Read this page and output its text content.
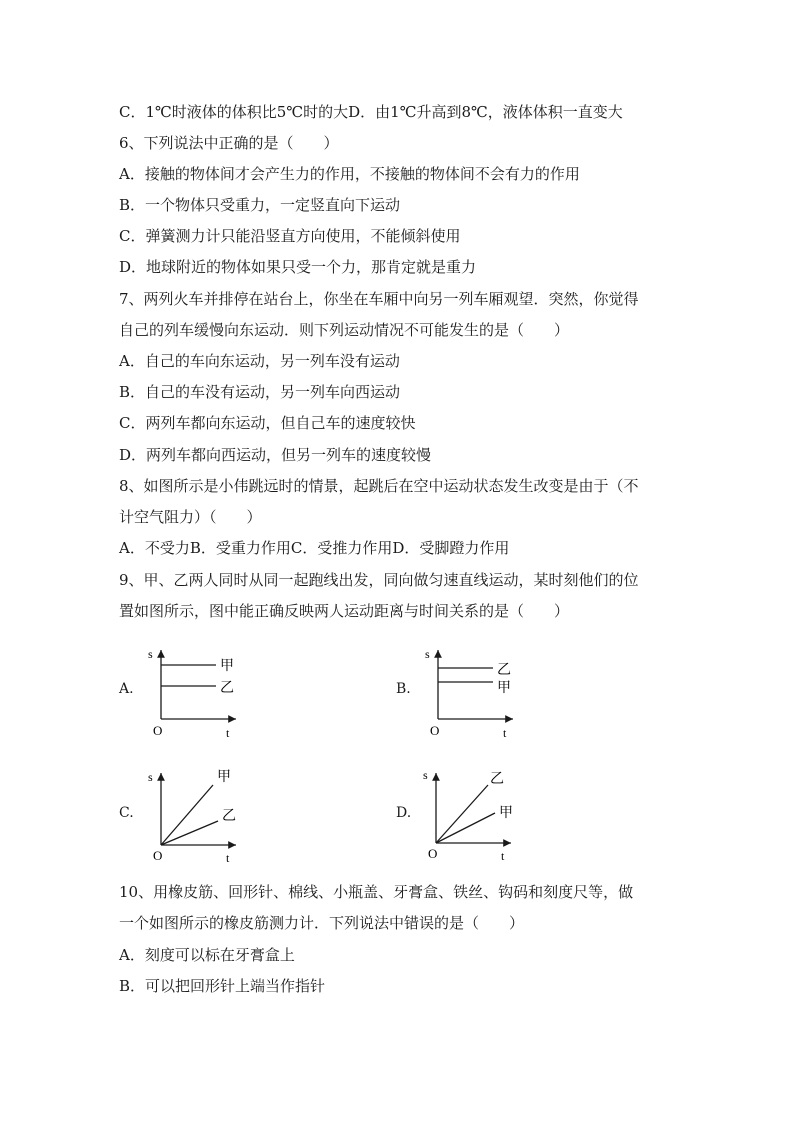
C．1℃时液体的体积比5℃时的大D．由1℃升高到8℃，液体体积一直变大
6、下列说法中正确的是（　　）
A．接触的物体间才会产生力的作用，不接触的物体间不会有力的作用
B．一个物体只受重力，一定竖直向下运动
C．弹簧测力计只能沿竖直方向使用，不能倾斜使用
D．地球附近的物体如果只受一个力，那肯定就是重力
7、两列火车并排停在站台上，你坐在车厢中向另一列车厢观望．突然，你觉得
自己的列车缓慢向东运动．则下列运动情况不可能发生的是（　　）
A．自己的车向东运动，另一列车没有运动
B．自己的车没有运动，另一列车向西运动
C．两列车都向东运动，但自己车的速度较快
D．两列车都向西运动，但另一列车的速度较慢
8、如图所示是小伟跳远时的情景，起跳后在空中运动状态发生改变是由于（不
计空气阻力）（　　）
A．不受力B．受重力作用C．受推力作用D．受脚蹬力作用
9、甲、乙两人同时从同一起跑线出发，同向做匀速直线运动，某时刻他们的位
置如图所示，图中能正确反映两人运动距离与时间关系的是（　　）
10、用橡皮筋、回形针、棉线、小瓶盖、牙膏盒、铁丝、钩码和刻度尺等，做
一个如图所示的橡皮筋测力计．下列说法中错误的是（　　）
A．刻度可以标在牙膏盒上
B．可以把回形针上端当作指针
A.	B.
C.	D.
s
t
O
甲
乙
s
t
O
乙
甲
s
t
O
甲
乙
s
t
O
乙
甲
